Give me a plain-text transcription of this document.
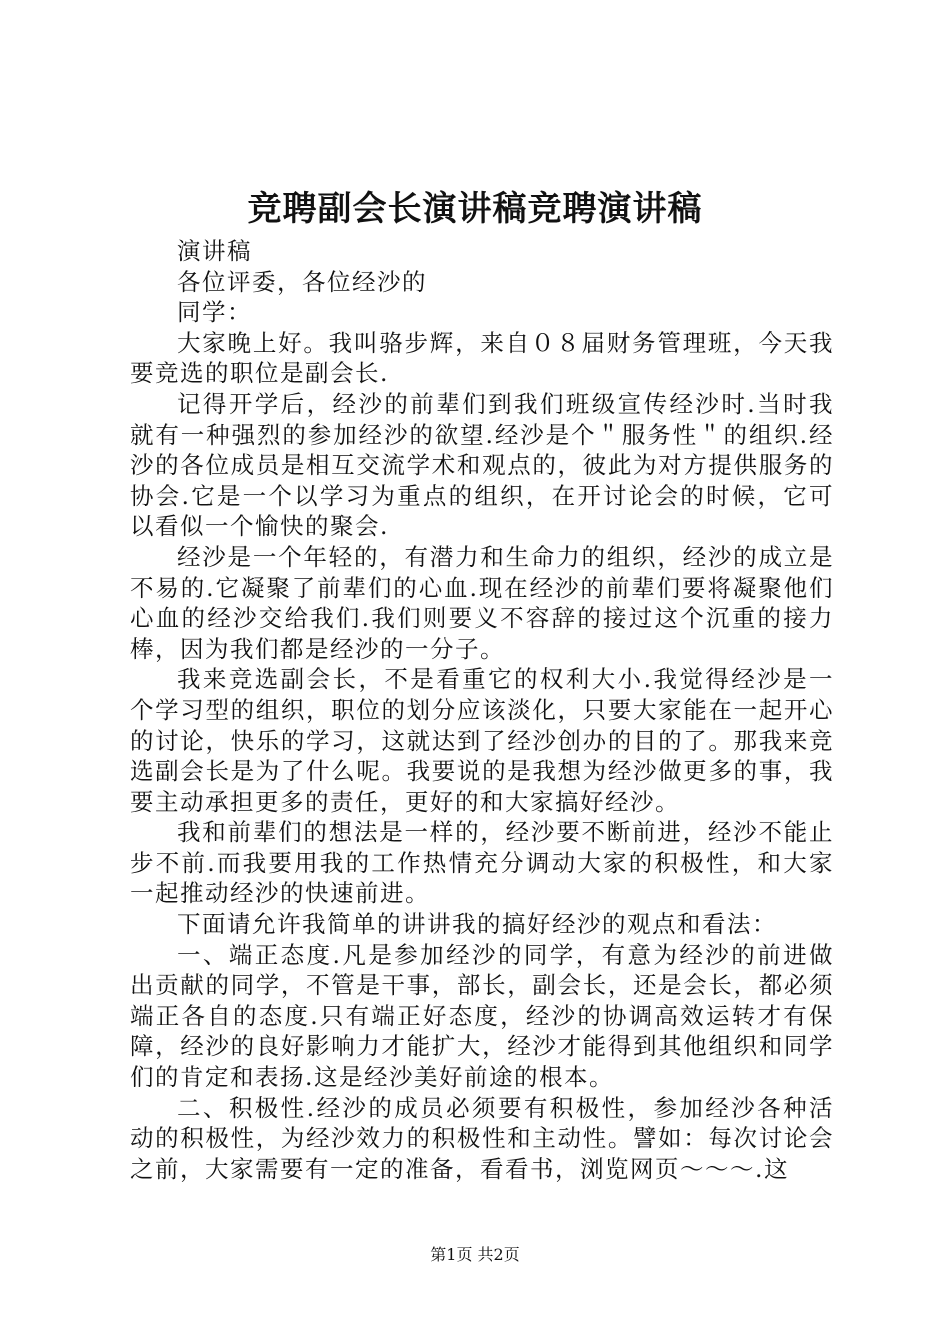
竞聘副会长演讲稿竞聘演讲稿

演讲稿

各位评委，各位经沙的

同学：

大家晚上好。我叫骆步辉，来自０８届财务管理班，今天我要竞选的职位是副会长.

记得开学后，经沙的前辈们到我们班级宣传经沙时.当时我就有一种强烈的参加经沙的欲望.经沙是个＂服务性＂的组织.经沙的各位成员是相互交流学术和观点的，彼此为对方提供服务的协会.它是一个以学习为重点的组织，在开讨论会的时候，它可以看似一个愉快的聚会.

经沙是一个年轻的，有潜力和生命力的组织，经沙的成立是不易的.它凝聚了前辈们的心血.现在经沙的前辈们要将凝聚他们心血的经沙交给我们.我们则要义不容辞的接过这个沉重的接力棒，因为我们都是经沙的一分子。

我来竞选副会长，不是看重它的权利大小.我觉得经沙是一个学习型的组织，职位的划分应该淡化，只要大家能在一起开心的讨论，快乐的学习，这就达到了经沙创办的目的了。那我来竞选副会长是为了什么呢。我要说的是我想为经沙做更多的事，我要主动承担更多的责任，更好的和大家搞好经沙。

我和前辈们的想法是一样的，经沙要不断前进，经沙不能止步不前.而我要用我的工作热情充分调动大家的积极性，和大家一起推动经沙的快速前进。

下面请允许我简单的讲讲我的搞好经沙的观点和看法：

一、端正态度.凡是参加经沙的同学，有意为经沙的前进做出贡献的同学，不管是干事，部长，副会长，还是会长，都必须端正各自的态度.只有端正好态度，经沙的协调高效运转才有保障，经沙的良好影响力才能扩大，经沙才能得到其他组织和同学们的肯定和表扬.这是经沙美好前途的根本。

二、积极性.经沙的成员必须要有积极性，参加经沙各种活动的积极性，为经沙效力的积极性和主动性。譬如：每次讨论会之前，大家需要有一定的准备，看看书，浏览网页～～～.这

第1页 共2页
